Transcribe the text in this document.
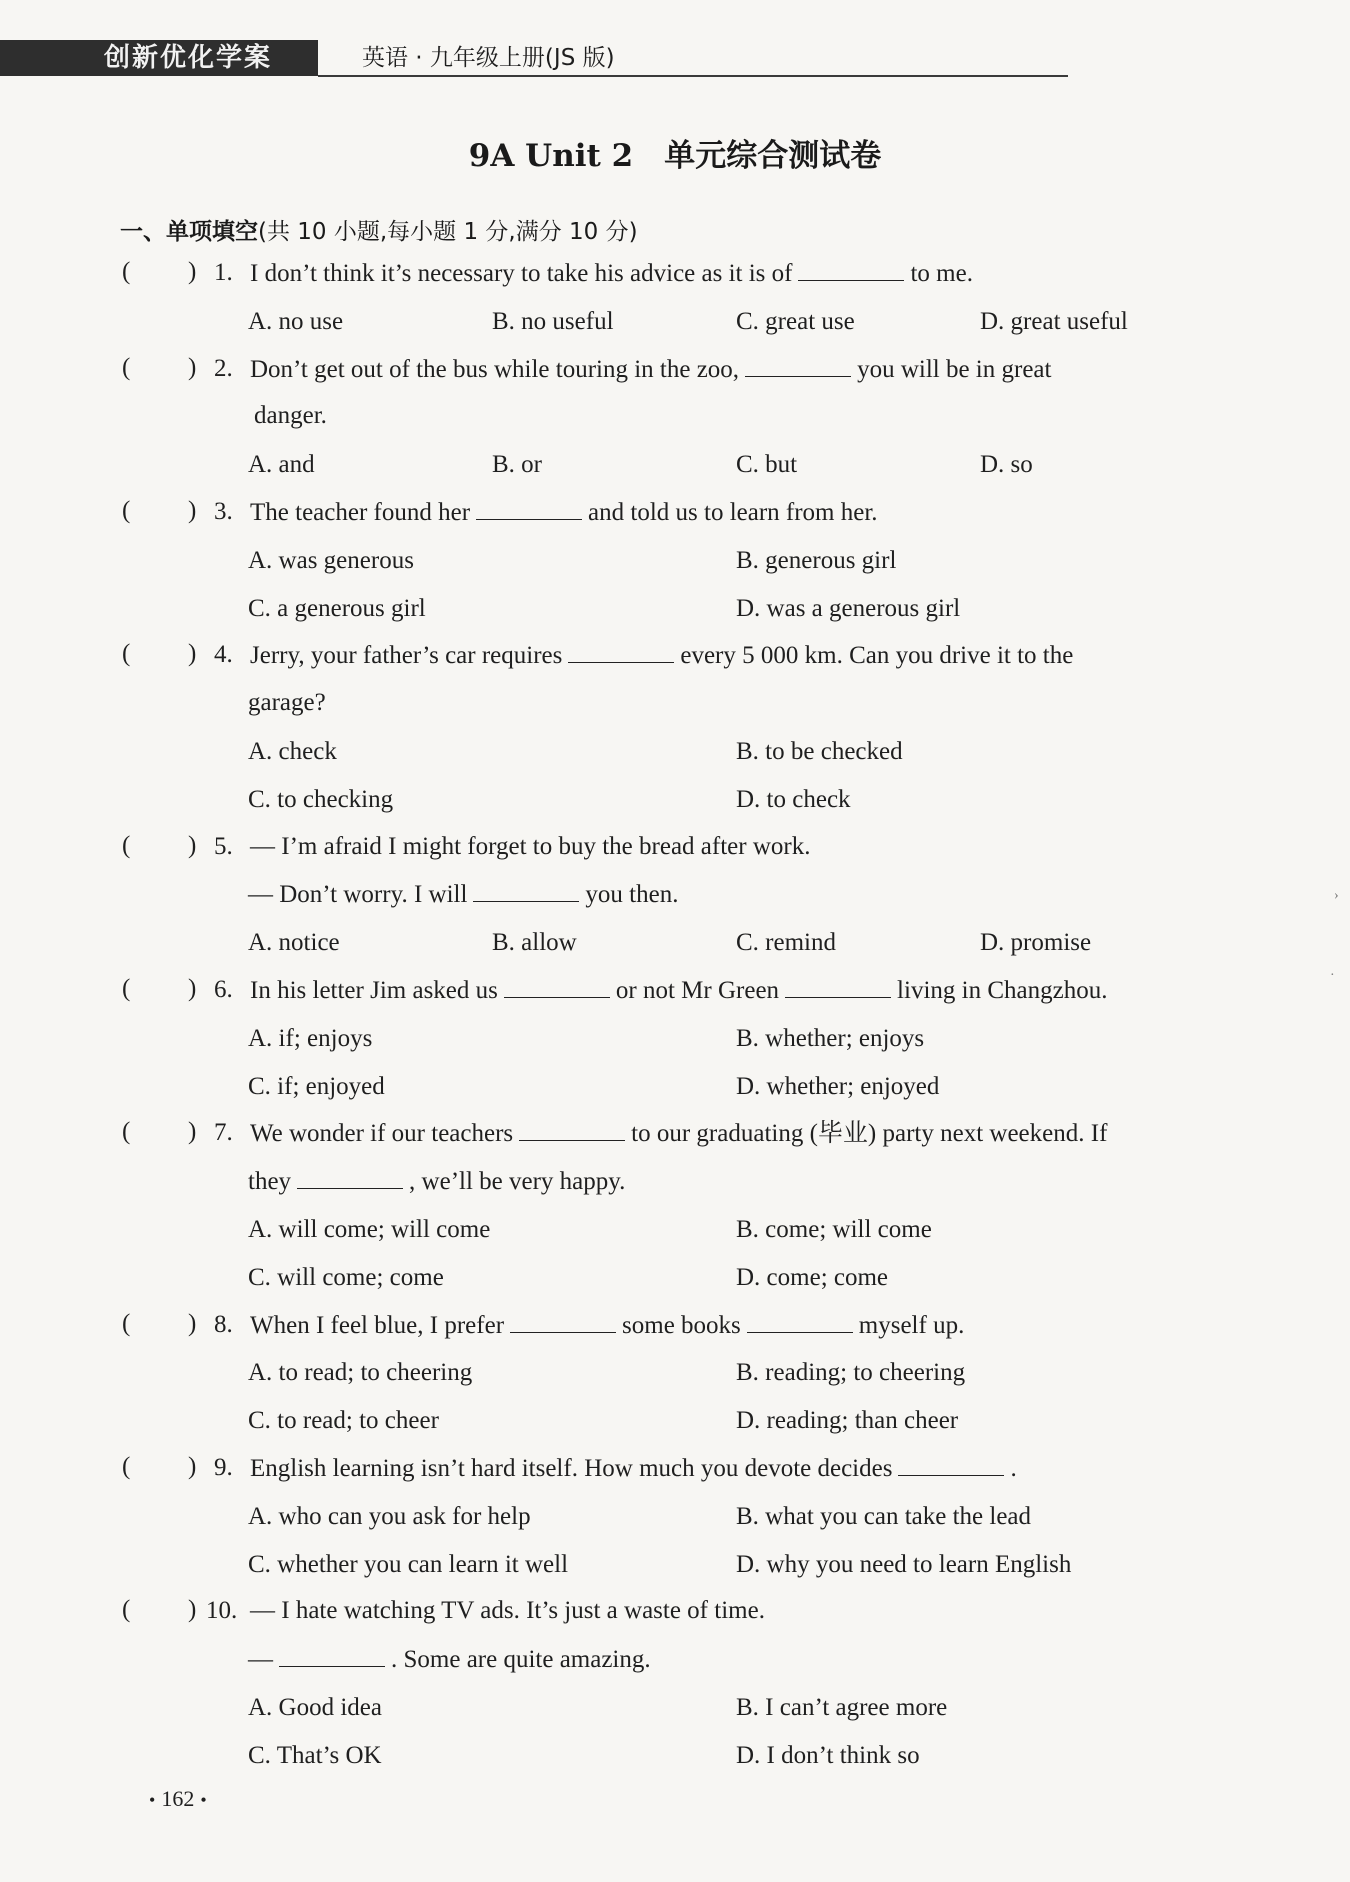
创新优化学案	英语 · 九年级上册(JS 版)
9A Unit 2　单元综合测试卷
一、单项填空(共 10 小题,每小题 1 分,满分 10 分)
( ) 1. I don’t think it’s necessary to take his advice as it is of	to me.
A. no use	B. no useful	C. great use	D. great useful
( ) 2. Don’t get out of the bus while touring in the zoo,	you will be in great
danger.
A. and	B. or	C. but	D. so
( ) 3. The teacher found her	and told us to learn from her.
A. was generous	B. generous girl
C. a generous girl	D. was a generous girl
( ) 4. Jerry, your father’s car requires	every 5 000 km. Can you drive it to the
garage?
A. check	B. to be checked
C. to checking	D. to check
( ) 5. — I’m afraid I might forget to buy the bread after work.
— Don’t worry. I will	you then.
A. notice	B. allow	C. remind	D. promise
( ) 6. In his letter Jim asked us	or not Mr Green	living in Changzhou.
A. if; enjoys	B. whether; enjoys
C. if; enjoyed	D. whether; enjoyed
( ) 7. We wonder if our teachers	to our graduating (毕业) party next weekend. If
they	, we’ll be very happy.
A. will come; will come	B. come; will come
C. will come; come	D. come; come
( ) 8. When I feel blue, I prefer	some books	myself up.
A. to read; to cheering	B. reading; to cheering
C. to read; to cheer	D. reading; than cheer
( ) 9. English learning isn’t hard itself. How much you devote decides	.
A. who can you ask for help	B. what you can take the lead
C. whether you can learn it well	D. why you need to learn English
( ) 10. — I hate watching TV ads. It’s just a waste of time.
—	. Some are quite amazing.
A. Good idea	B. I can’t agree more
C. That’s OK	D. I don’t think so
• 162 •
›
·
